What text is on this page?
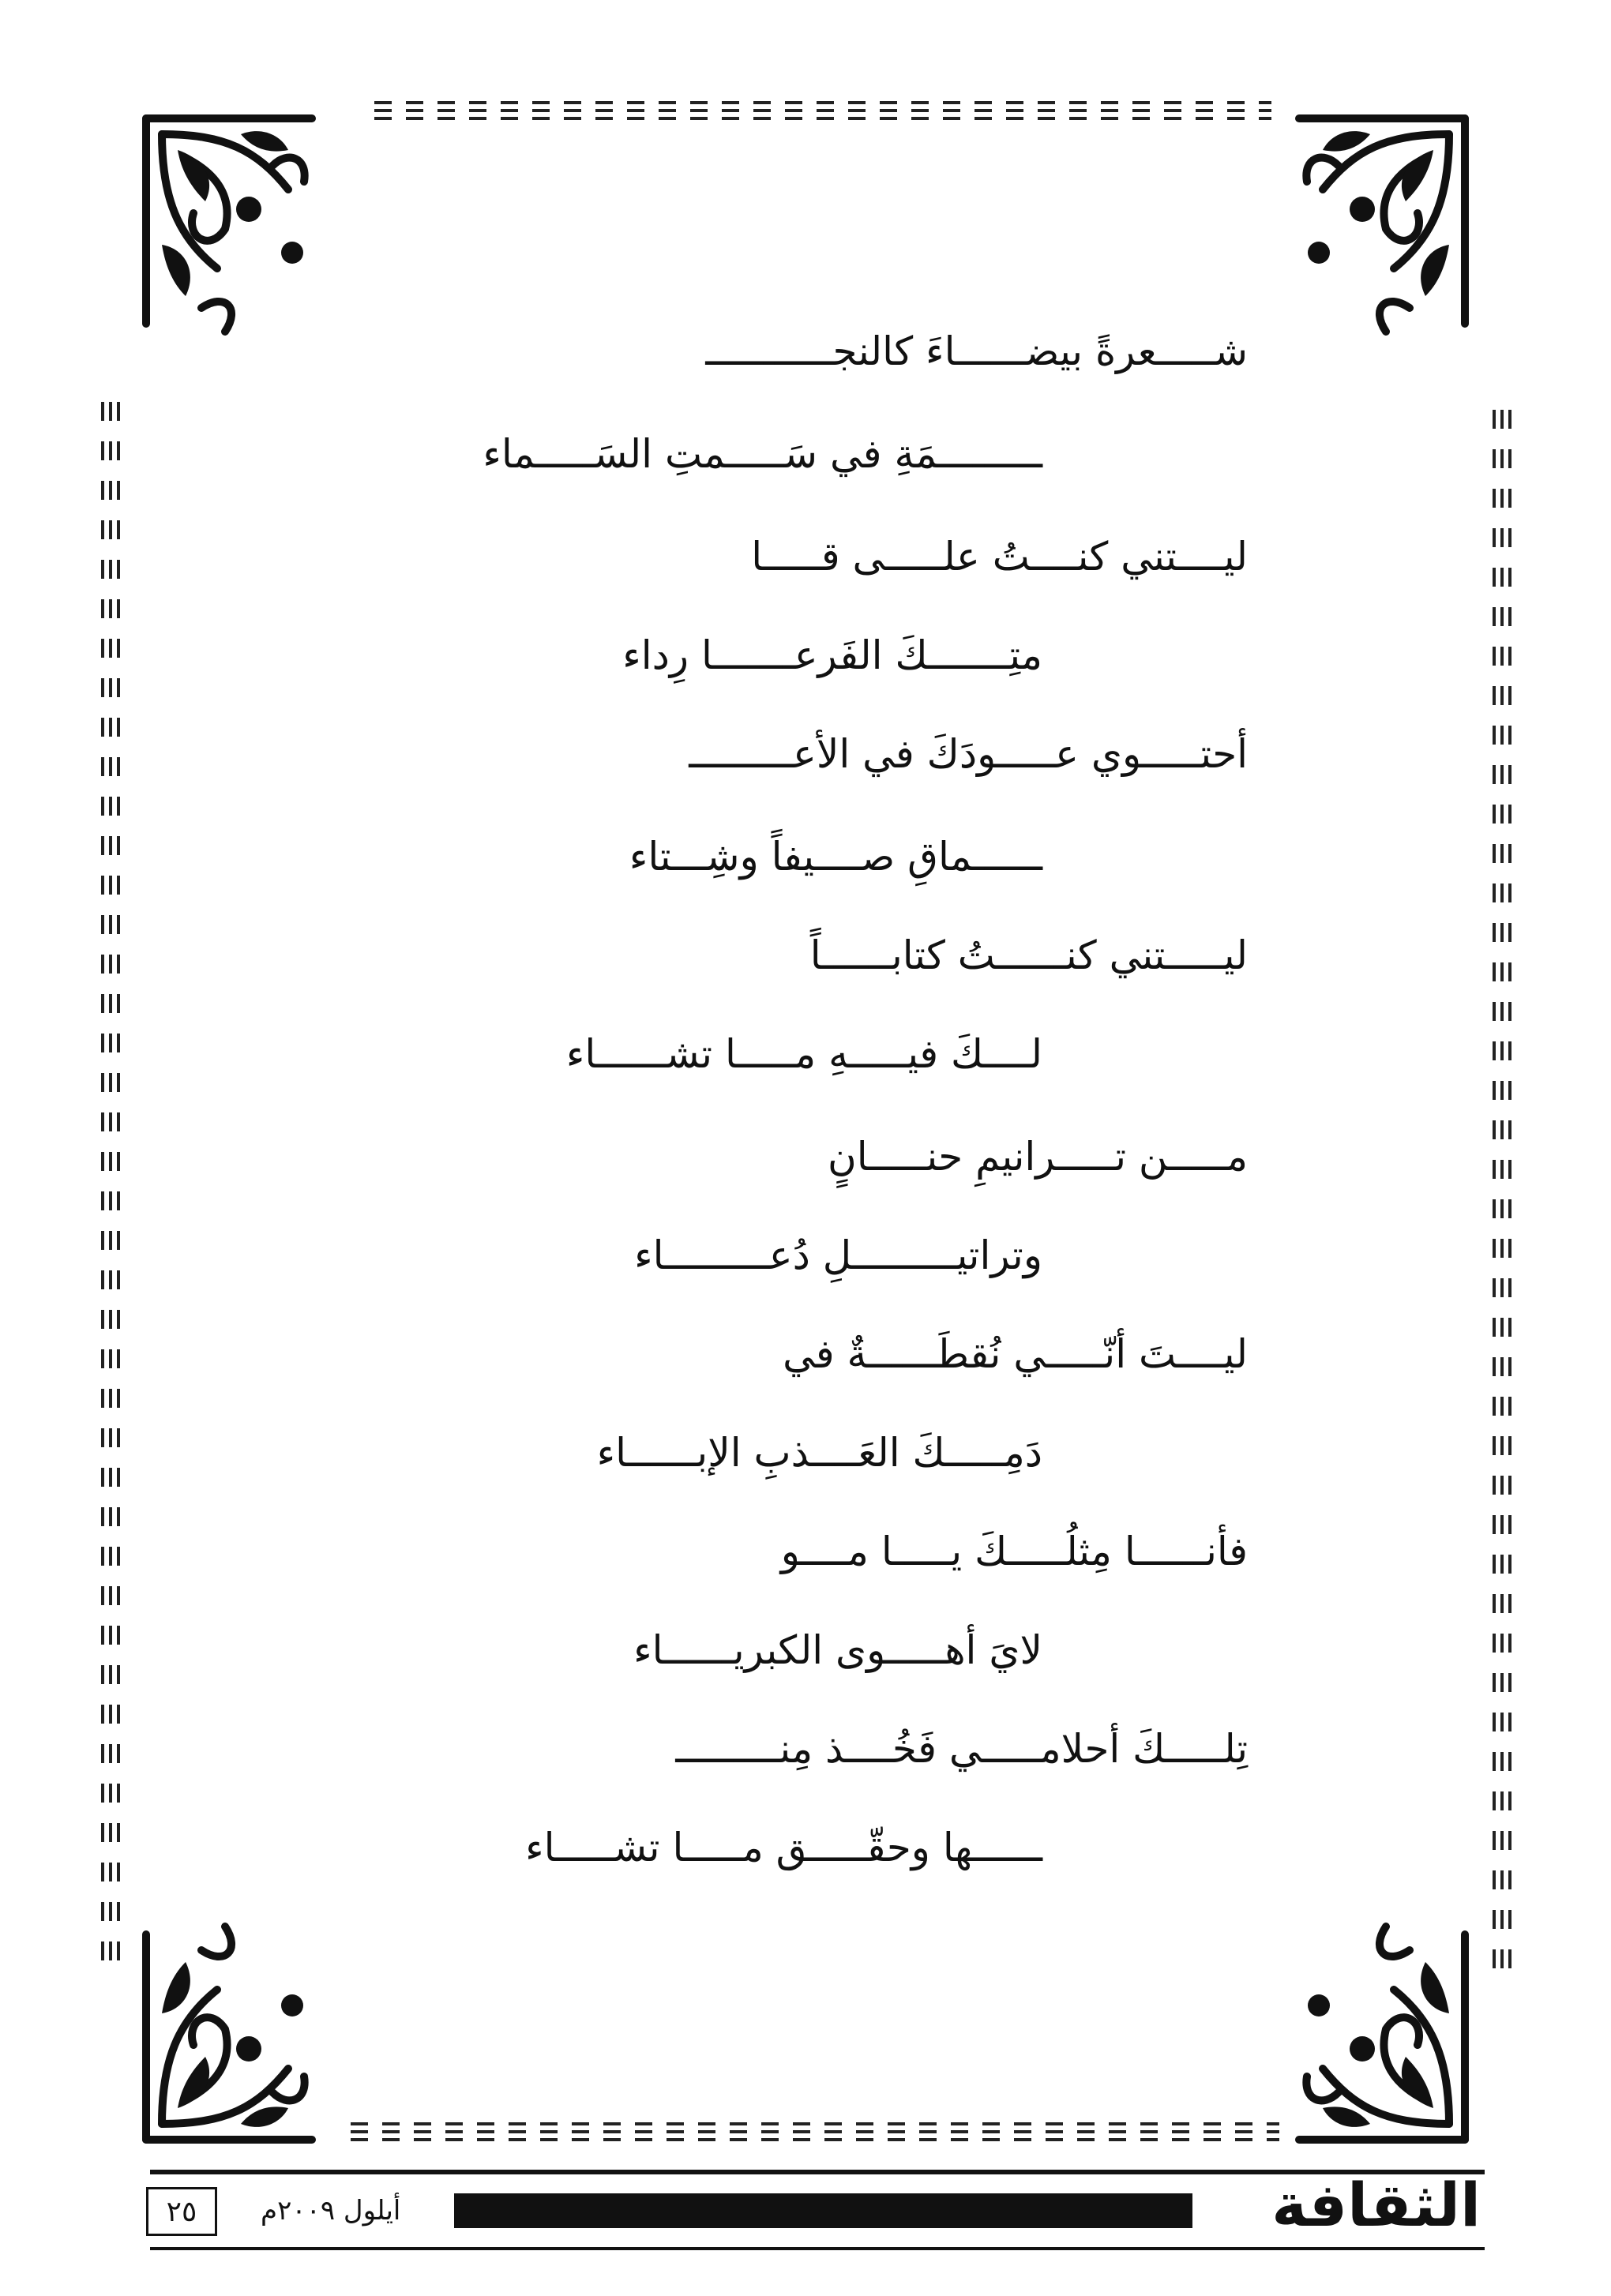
شـــــعرةً بيضــــــاءَ كالنجـــــــــــ
ـــــــــمَةِ في سَـــــمتِ السَـــــماء
ليــــتني كنــــتُ علـــــى قـــــا
متِـــــــكَ الفَرعـــــــا رِداء
أحتـــــوي عـــــودَكَ في الأعـــــــــ
ــــــماقِ صــــيفاً وشِـــتاء
ليـــــتني كنــــــتُ كتابــــــاً
لــــكَ فيـــــهِ مـــــا تشــــــاء
مـــــن تـــــرانيمِ حنـــــانٍ
وتراتيـــــــــلِ دُعـــــــــاء
ليــــتَ أنّـــــي نُقطَــــــةٌ في
دَمِـــــكَ العَــــذبِ الإبــــــاء
فأنــــــا مِثلُـــــكَ يـــــا مــــو
لايَ أهـــــوى الكبريــــــاء
تِلـــــكَ أحلامـــــي فَخُــــذ مِنـــــــــ
ــــــها وحقّـــــق مـــــا تشـــــاء
٢٥	أيلول ٢٠٠٩م	الثقافة
